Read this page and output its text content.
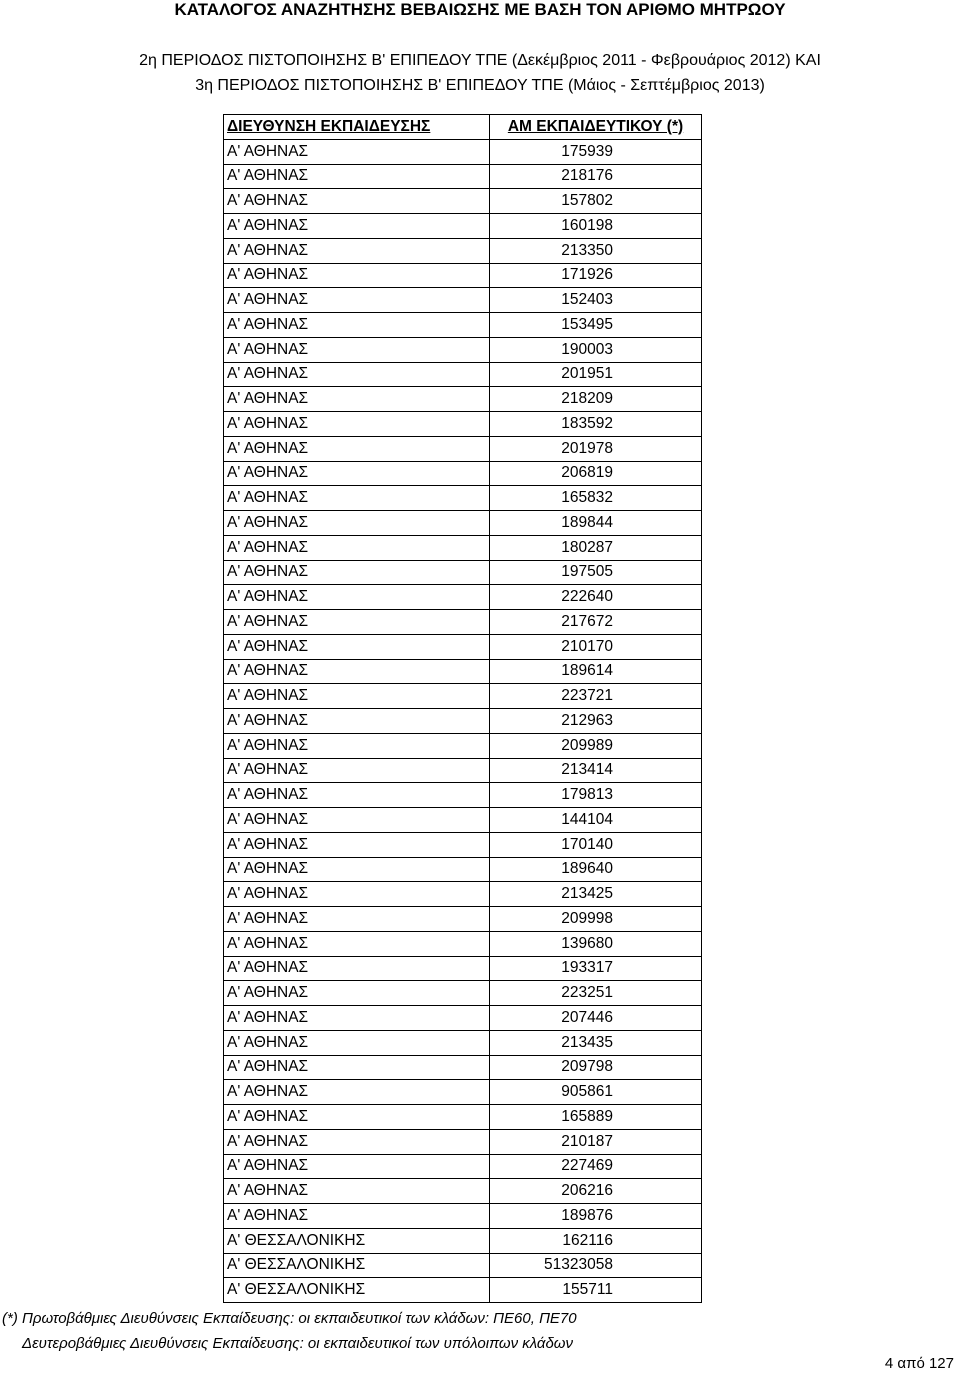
ΚΑΤΑΛΟΓΟΣ ΑΝΑΖΗΤΗΣΗΣ ΒΕΒΑΙΩΣΗΣ ΜΕ ΒΑΣΗ ΤΟΝ ΑΡΙΘΜΟ ΜΗΤΡΩΟΥ
2η ΠΕΡΙΟΔΟΣ ΠΙΣΤΟΠΟΙΗΣΗΣ Β' ΕΠΙΠΕΔΟΥ ΤΠΕ (Δεκέμβριος 2011 - Φεβρουάριος 2012) ΚΑΙ
3η ΠΕΡΙΟΔΟΣ ΠΙΣΤΟΠΟΙΗΣΗΣ Β' ΕΠΙΠΕΔΟΥ ΤΠΕ (Μάιος - Σεπτέμβριος 2013)
ΔΙΕΥΘΥΝΣΗ ΕΚΠΑΙΔΕΥΣΗΣ	ΑΜ ΕΚΠΑΙΔΕΥΤΙΚΟΥ (*)
Α' ΑΘΗΝΑΣ	175939
Α' ΑΘΗΝΑΣ	218176
Α' ΑΘΗΝΑΣ	157802
Α' ΑΘΗΝΑΣ	160198
Α' ΑΘΗΝΑΣ	213350
Α' ΑΘΗΝΑΣ	171926
Α' ΑΘΗΝΑΣ	152403
Α' ΑΘΗΝΑΣ	153495
Α' ΑΘΗΝΑΣ	190003
Α' ΑΘΗΝΑΣ	201951
Α' ΑΘΗΝΑΣ	218209
Α' ΑΘΗΝΑΣ	183592
Α' ΑΘΗΝΑΣ	201978
Α' ΑΘΗΝΑΣ	206819
Α' ΑΘΗΝΑΣ	165832
Α' ΑΘΗΝΑΣ	189844
Α' ΑΘΗΝΑΣ	180287
Α' ΑΘΗΝΑΣ	197505
Α' ΑΘΗΝΑΣ	222640
Α' ΑΘΗΝΑΣ	217672
Α' ΑΘΗΝΑΣ	210170
Α' ΑΘΗΝΑΣ	189614
Α' ΑΘΗΝΑΣ	223721
Α' ΑΘΗΝΑΣ	212963
Α' ΑΘΗΝΑΣ	209989
Α' ΑΘΗΝΑΣ	213414
Α' ΑΘΗΝΑΣ	179813
Α' ΑΘΗΝΑΣ	144104
Α' ΑΘΗΝΑΣ	170140
Α' ΑΘΗΝΑΣ	189640
Α' ΑΘΗΝΑΣ	213425
Α' ΑΘΗΝΑΣ	209998
Α' ΑΘΗΝΑΣ	139680
Α' ΑΘΗΝΑΣ	193317
Α' ΑΘΗΝΑΣ	223251
Α' ΑΘΗΝΑΣ	207446
Α' ΑΘΗΝΑΣ	213435
Α' ΑΘΗΝΑΣ	209798
Α' ΑΘΗΝΑΣ	905861
Α' ΑΘΗΝΑΣ	165889
Α' ΑΘΗΝΑΣ	210187
Α' ΑΘΗΝΑΣ	227469
Α' ΑΘΗΝΑΣ	206216
Α' ΑΘΗΝΑΣ	189876
Α' ΘΕΣΣΑΛΟΝΙΚΗΣ	162116
Α' ΘΕΣΣΑΛΟΝΙΚΗΣ	51323058
Α' ΘΕΣΣΑΛΟΝΙΚΗΣ	155711
(*) Πρωτοβάθμιες Διευθύνσεις Εκπαίδευσης: οι εκπαιδευτικοί των κλάδων: ΠΕ60, ΠΕ70
Δευτεροβάθμιες Διευθύνσεις Εκπαίδευσης: οι εκπαιδευτικοί των υπόλοιπων κλάδων
4 από 127
